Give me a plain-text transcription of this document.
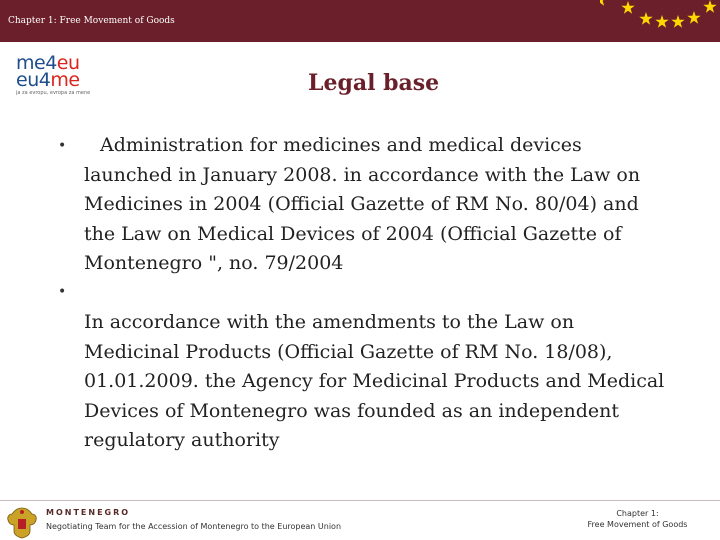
Chapter 1: Free Movement of Goods
me4eu
eu4me
ja za evropu, evropa za mene	Legal base
•	Administration for medicines and medical devices
launched in January 2008. in accordance with the Law on
Medicines in 2004 (Official Gazette of RM No. 80/04) and
the Law on Medical Devices of 2004 (Official Gazette of
Montenegro ", no. 79/2004
•
In accordance with the amendments to the Law on
Medicinal Products (Official Gazette of RM No. 18/08),
01.01.2009. the Agency for Medicinal Products and Medical
Devices of Montenegro was founded as an independent
regulatory authority
MONTENEGRO
Negotiating Team for the Accession of Montenegro to the European Union
Chapter 1:
Free Movement of Goods
